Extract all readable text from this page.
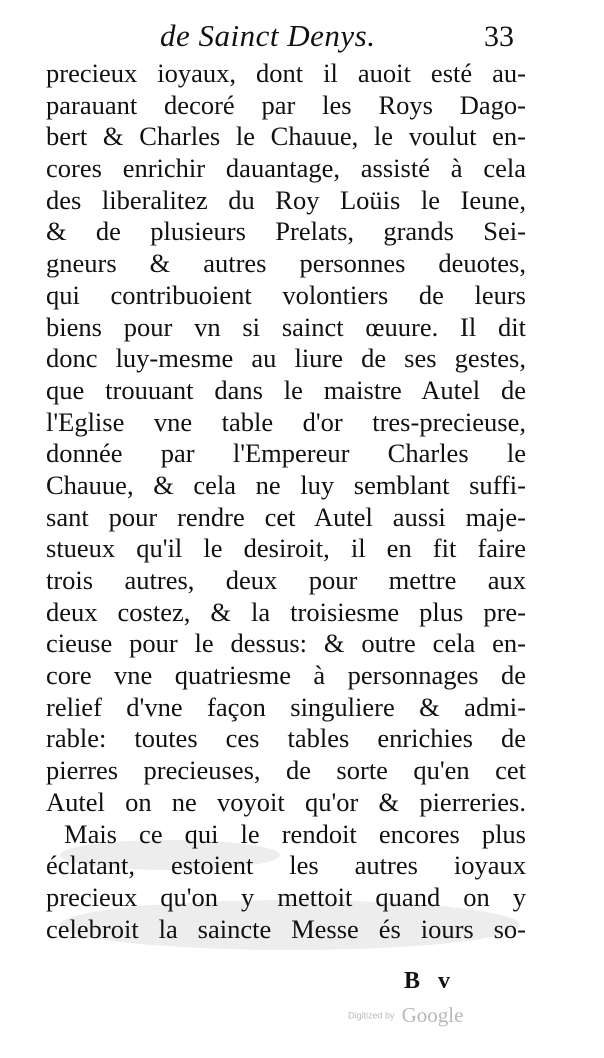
de Sainct Denys.	33
precieux ioyaux, dont il auoit esté au-
parauant decoré par les Roys Dago-
bert & Charles le Chauue, le voulut en-
cores enrichir dauantage, assisté à cela
des liberalitez du Roy Loüis le Ieune,
& de plusieurs Prelats, grands Sei-
gneurs & autres personnes deuotes,
qui contribuoient volontiers de leurs
biens pour vn si sainct œuure. Il dit
donc luy-mesme au liure de ses gestes,
que trouuant dans le maistre Autel de
l'Eglise vne table d'or tres-precieuse,
donnée par l'Empereur Charles le
Chauue, & cela ne luy semblant suffi-
sant pour rendre cet Autel aussi maje-
stueux qu'il le desiroit, il en fit faire
trois autres, deux pour mettre aux
deux costez, & la troisiesme plus pre-
cieuse pour le dessus: & outre cela en-
core vne quatriesme à personnages de
relief d'vne façon singuliere & admi-
rable: toutes ces tables enrichies de
pierres precieuses, de sorte qu'en cet
Autel on ne voyoit qu'or & pierreries.
Mais ce qui le rendoit encores plus
éclatant, estoient les autres ioyaux
precieux qu'on y mettoit quand on y
celebroit la saincte Messe és iours so-
B v
Digitized by Google
